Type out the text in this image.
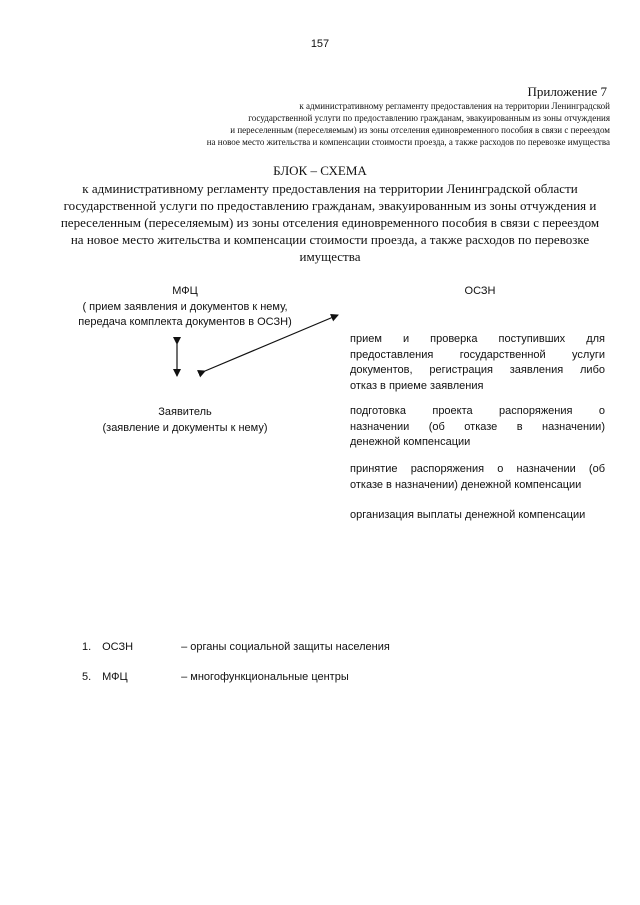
157
Приложение 7
к административному регламенту предоставления на территории Ленинградской
государственной услуги по предоставлению гражданам, эвакуированным из зоны отчуждения
и переселенным (переселяемым) из зоны отселения единовременного пособия в связи с переездом
на новое место жительства и компенсации стоимости проезда, а также расходов по перевозке имущества
БЛОК – СХЕМА
к административному регламенту предоставления на территории Ленинградской области
государственной услуги по предоставлению гражданам, эвакуированным из зоны отчуждения и
переселенным (переселяемым) из зоны отселения единовременного пособия в связи с переездом
на новое место жительства и компенсации стоимости проезда, а также расходов по перевозке
имущества
МФЦ
( прием заявления и документов к нему,
передача комплекта документов в ОСЗН)
Заявитель
(заявление и документы к нему)
ОСЗН
прием и проверка поступивших для
предоставления государственной услуги
документов, регистрация заявления либо
отказ в приеме заявления
подготовка проекта распоряжения о
назначении (об отказе в назначении)
денежной компенсации
принятие распоряжения о назначении (об
отказе в назначении) денежной компенсации
организация выплаты денежной компенсации
1. ОСЗН	– органы социальной защиты населения
5. МФЦ	– многофункциональные центры
